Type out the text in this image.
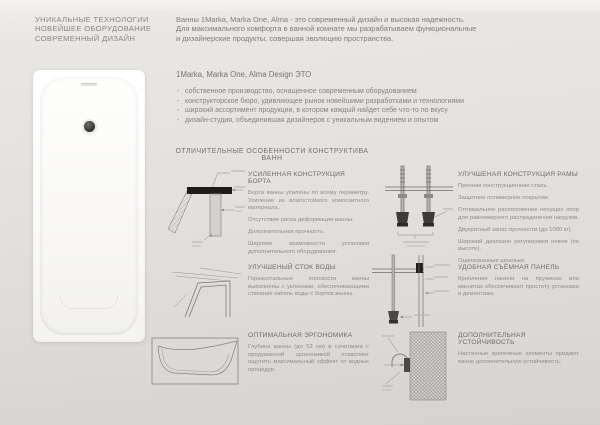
УНИКАЛЬНЫЕ ТЕХНОЛОГИИ
НОВЕЙШЕЕ ОБОРУДОВАНИЕ
СОВРЕМЕННЫЙ ДИЗАЙН
Ванны 1Marka, Marka One, Alma - это современный дизайн и высокая надежность.
Для максимального комфорта в ванной комнате мы разрабатываем функциональные
и дизайнерские продукты, совершая эволюцию пространства.
1Marka, Marka One, Alma Design ЭТО
- собственное производство, оснащенное современным оборудованием
- конструкторское бюро, удивляющее рынок новейшими разработками и технологиями
- широкий ассортимент продукции, в котором каждый найдет себе что-то по вкусу
- дизайн-студия, объединившая дизайнеров с уникальным видением и опытом
ОТЛИЧИТЕЛЬНЫЕ ОСОБЕННОСТИ КОНСТРУКТИВА ВАНН
УСИЛЕННАЯ КОНСТРУКЦИЯ БОРТА
Борта ванны усилены по всему периметру. Усиление из влагостойкого композитного материала.
Отсутствие риска деформации ванны.
Дополнительная прочность.
Широкие возможности установки дополнительного оборудования.
УЛУЧШЕНЫЙ СТОК ВОДЫ
Горизонтальные плоскости ванны выполнены с уклонами, обеспечивающими стекание капель воды с бортов ванны.
ОПТИМАЛЬНАЯ ЭРГОНОМИКА
Глубина ванны (до 52 см) в сочетании с продуманной эргономикой позволяет ощутить максимальный эффект от водных процедур.
УЛУЧШЕНАЯ КОНСТРУКЦИЯ РАМЫ
Прочная конструкционная сталь.
Защитное полимерное покрытие.
Оптимальное расположение несущих опор для равномерного распределения нагрузки.
Двукратный запас прочности (до 1000 кг).
Широкий диапазон регулировки ножек (по высоте).
Оцинкованные шпильки.
УДОБНАЯ СЪЁМНАЯ ПАНЕЛЬ
Крепления панели на пружинах или магнитах обеспечивают простоту установки и демонтажа.
ДОПОЛНИТЕЛЬНАЯ УСТОЙЧИВОСТЬ
Настенные крепежные элементы придают ванне дополнительную устойчивость.
